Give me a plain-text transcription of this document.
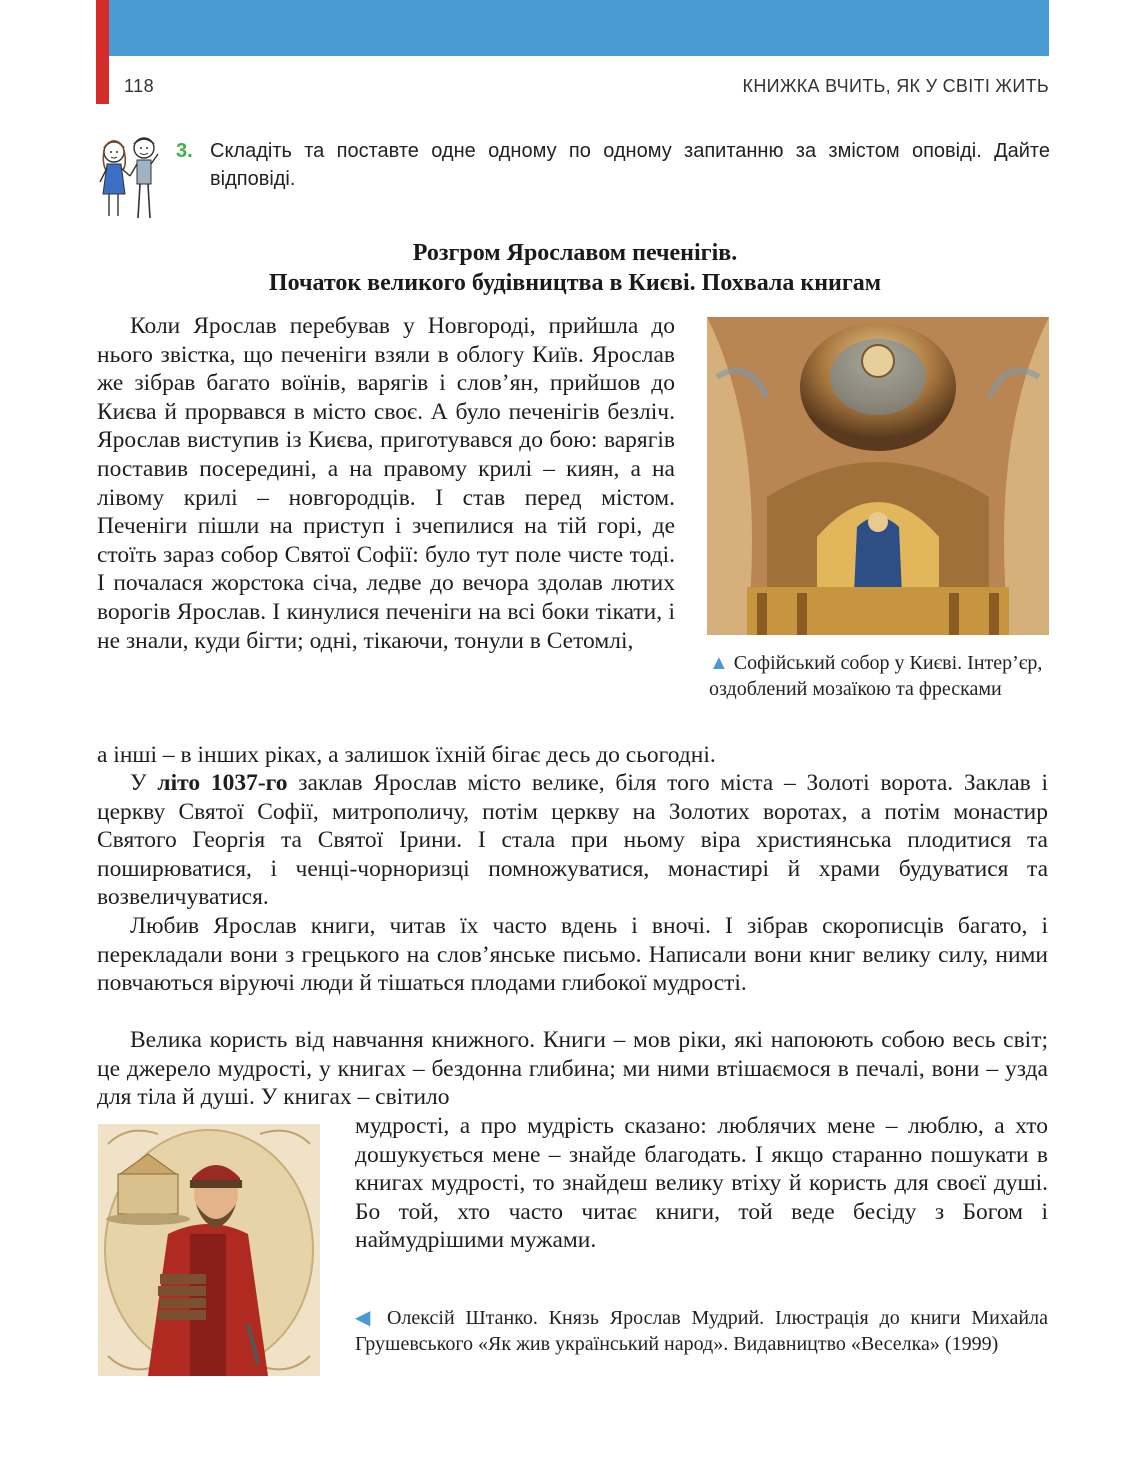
118	КНИЖКА ВЧИТЬ, ЯК У СВІТІ ЖИТЬ
3. Складіть та поставте одне одному по одному запитанню за змістом оповіді. Дайте відповіді.
Розгром Ярославом печенігів.
Початок великого будівництва в Києві. Похвала книгам
Коли Ярослав перебував у Новгороді, прийшла до нього звістка, що печеніги взяли в облогу Київ. Ярослав же зібрав багато воїнів, варягів і слов’ян, прийшов до Києва й прорвався в місто своє. А було печенігів безліч. Ярослав виступив із Києва, приготувався до бою: варягів поставив посередині, а на правому крилі – киян, а на лівому крилі – новгородців. І став перед містом. Печеніги пішли на приступ і зчепилися на тій горі, де стоїть зараз собор Святої Софії: було тут поле чисте тоді. І почалася жорстока січа, ледве до вечора здолав лютих ворогів Ярослав. І кинулися печеніги на всі боки тікати, і не знали, куди бігти; одні, тікаючи, тонули в Сетомлі,
а інші – в інших ріках, а залишок їхній бігає десь до сьогодні.
▲ Софійський собор у Києві. Інтер’єр, оздоблений мозаїкою та фресками
У літо 1037-го заклав Ярослав місто велике, біля того міста – Золоті ворота. Заклав і церкву Святої Софії, митрополичу, потім церкву на Золотих воротах, а потім монастир Святого Георгія та Святої Ірини. І стала при ньому віра християнська плодитися та поширюватися, і ченці-чорноризці помножуватися, монастирі й храми будуватися та возвеличуватися.
Любив Ярослав книги, читав їх часто вдень і вночі. І зібрав скорописців багато, і перекладали вони з грецького на слов’янське письмо. Написали вони книг велику силу, ними повчаються віруючі люди й тішаться плодами глибокої мудрості.
Велика користь від навчання книжного. Книги – мов ріки, які напоюють собою весь світ; це джерело мудрості, у книгах – бездонна глибина; ми ними втішаємося в печалі, вони – узда для тіла й душі. У книгах – світило
мудрості, а про мудрість сказано: люблячих мене – люблю, а хто дошукується мене – знайде благодать. І якщо старанно пошукати в книгах мудрості, то знайдеш велику втіху й користь для своєї душі. Бо той, хто часто читає книги, той веде бесіду з Богом і наймудрішими мужами.
◀ Олексій Штанко. Князь Ярослав Мудрий. Ілюстрація до книги Михайла Грушевського «Як жив український народ». Видавництво «Веселка» (1999)
